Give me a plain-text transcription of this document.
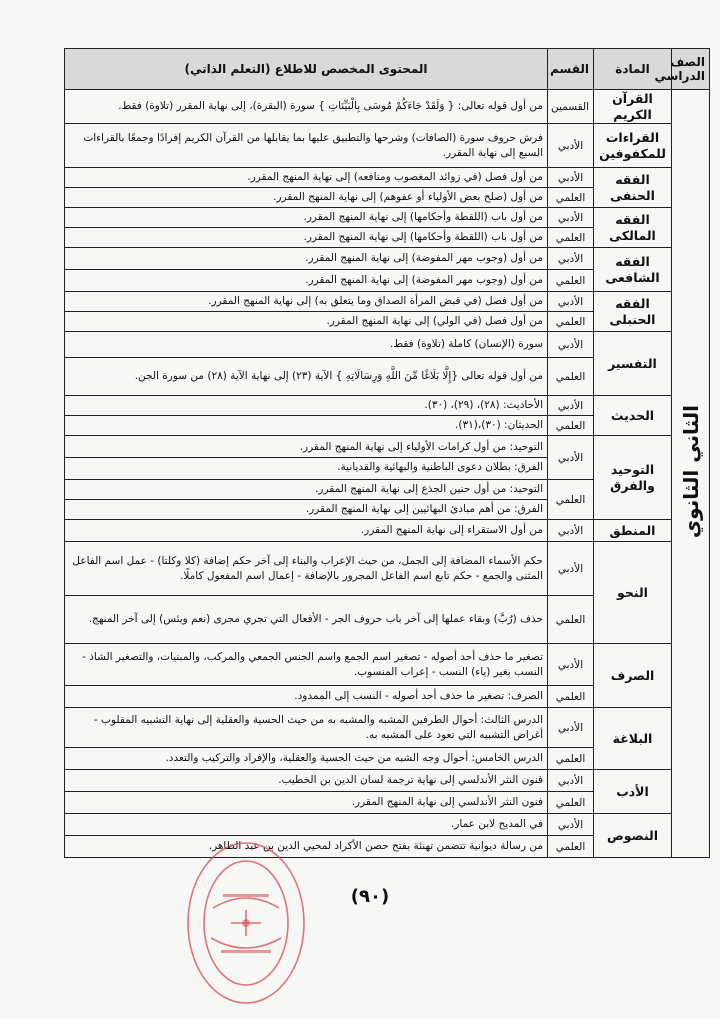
الصف الدراسي	المادة	القسم	المحتوى المخصص للاطلاع (التعلم الذاتي)
الثاني الثانوي	القرآن الكريم	القسمين	من أول قوله تعالى: { وَلَقَدْ جَاءَكُمْ مُوسَى بِالْبَيِّنَاتِ } سورة (البقرة)، إلى نهاية المقرر (تلاوة) فقط.
	القراءات للمكفوفين	الأدبي	فرش حروف سورة (الصافات) وشرحها والتطبيق عليها بما يقابلها من القرآن الكريم إفرادًا وجمعًا بالقراءات السبع إلى نهاية المقرر.
	الفقه الحنفى	الأدبي	من أول فصل (في زوائد المغصوب ومنافعه) إلى نهاية المنهج المقرر.
		العلمي	من أول (صلح بعض الأولياء أو عفوهم) إلى نهاية المنهج المقرر.
	الفقه المالكى	الأدبي	من أول باب (اللقطة وأحكامها) إلى نهاية المنهج المقرر.
		العلمي	من أول باب (اللقطة وأحكامها) إلى نهاية المنهج المقرر.
	الفقه الشافعى	الأدبي	من أول (وجوب مهر المفوضة) إلى نهاية المنهج المقرر.
		العلمي	من أول (وجوب مهر المفوضة) إلى نهاية المنهج المقرر.
	الفقه الحنبلى	الأدبي	من أول فصل (في قبض المرأة الصداق وما يتعلق به) إلى نهاية المنهج المقرر.
		العلمي	من أول فصل (في الولي) إلى نهاية المنهج المقرر.
	التفسير	الأدبي	سورة (الإنسان) كاملة (تلاوة) فقط.
		العلمي	من أول قوله تعالى {إِلَّا بَلَاغًا مِّنَ اللَّهِ وَرِسَالَاتِهِ } الآية (٢٣) إلى نهاية الآية (٢٨) من سورة الجن.
	الحديث	الأدبي	الأحاديث: (٢٨)، (٢٩)، (٣٠).
		العلمي	الحديثان: (٣٠)،(٣١).
	التوحيد والفرق	الأدبي	التوحيد: من أول كرامات الأولياء إلى نهاية المنهج المقرر.
الفرق: بطلان دعوى الباطنية والبهائية والقديانية.

		العلمي	التوحيد: من أول حنين الجذع إلى نهاية المنهج المقرر.
الفرق: من أهم مبادئ البهائيين إلى نهاية المنهج المقرر.

	المنطق	الأدبي	من أول الاستقراء إلى نهاية المنهج المقرر.
	النحو	الأدبي	حكم الأسماء المضافة إلى الجمل، من حيث الإعراب والبناء إلى آخر حكم إضافة (كلا وكلتا) - عمل اسم الفاعل المثنى والجمع - حكم تابع اسم الفاعل المجرور بالإضافة - إعمال اسم المفعول كاملًا.
		العلمي	حذف (رُبَّ) وبقاء عملها إلى آخر باب حروف الجر - الأفعال التي تجري مجرى (نعم وبئس) إلى آخر المنهج.
	الصرف	الأدبي	تصغير ما حذف أحد أصوله - تصغير اسم الجمع واسم الجنس الجمعي والمركب، والمبنيات، والتصغير الشاذ - النسب بغير (ياء) النسب - إعراب المنسوب.
		العلمي	الصرف: تصغير ما حذف أحد أصوله - النسب إلى الممدود.
	البلاغة	الأدبي	الدرس الثالث: أحوال الطرفين المشبه والمشبه به من حيث الحسية والعقلية إلى نهاية التشبيه المقلوب - أغراض التشبيه التي تعود على المشبه به.
		العلمي	الدرس الخامس: أحوال وجه الشبه من حيث الحسية والعقلية، والإفراد والتركيب والتعدد.
	الأدب	الأدبي	فنون النثر الأندلسي إلى نهاية ترجمة لسان الدين بن الخطيب.
		العلمي	فنون النثر الأندلسي إلى نهاية المنهج المقرر.
	النصوص	الأدبي	في المديح لابن عمار.
		العلمي	من رسالة ديوانية تتضمن تهنئة بفتح حصن الأكراد لمحيي الدين بن عبد الظاهر.
(٩٠)
